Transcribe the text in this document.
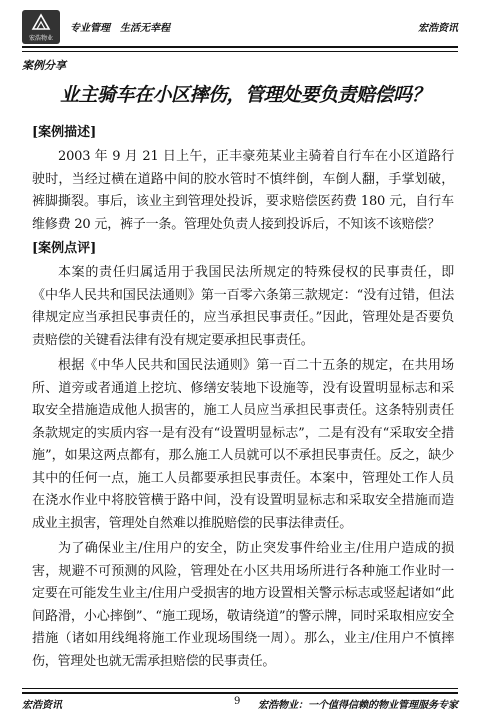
宏浩物业
专业管理　生活无幸程	宏浩资讯
案例分享
业主骑车在小区摔伤，管理处要负责赔偿吗？
[案例描述]

2003 年 9 月 21 日上午，正丰豪苑某业主骑着自行车在小区道路行驶时，当经过横在道路中间的胶水管时不慎绊倒，车倒人翻，手掌划破，裤脚撕裂。事后，该业主到管理处投诉，要求赔偿医药费 180 元，自行车维修费 20 元，裤子一条。管理处负责人接到投诉后，不知该不该赔偿？

[案例点评]

本案的责任归属适用于我国民法所规定的特殊侵权的民事责任，即《中华人民共和国民法通则》第一百零六条第三款规定：“没有过错，但法律规定应当承担民事责任的，应当承担民事责任。”因此，管理处是否要负责赔偿的关键看法律有没有规定要承担民事责任。

根据《中华人民共和国民法通则》第一百二十五条的规定，在共用场所、道旁或者通道上挖坑、修缮安装地下设施等，没有设置明显标志和采取安全措施造成他人损害的，施工人员应当承担民事责任。这条特别责任条款规定的实质内容一是有没有“设置明显标志”，二是有没有“采取安全措施”，如果这两点都有，那么施工人员就可以不承担民事责任。反之，缺少其中的任何一点，施工人员都要承担民事责任。本案中，管理处工作人员在浇水作业中将胶管横于路中间，没有设置明显标志和采取安全措施而造成业主损害，管理处自然难以推脱赔偿的民事法律责任。

为了确保业主/住用户的安全，防止突发事件给业主/住用户造成的损害，规避不可预测的风险，管理处在小区共用场所进行各种施工作业时一定要在可能发生业主/住用户受损害的地方设置相关警示标志或竖起诸如“此间路滑，小心摔倒”、“施工现场，敬请绕道”的警示牌，同时采取相应安全措施（诸如用线绳将施工作业现场围绕一周）。那么，业主/住用户不慎摔伤，管理处也就无需承担赔偿的民事责任。

宏浩资讯	9 宏浩物业：一个值得信赖的物业管理服务专家
